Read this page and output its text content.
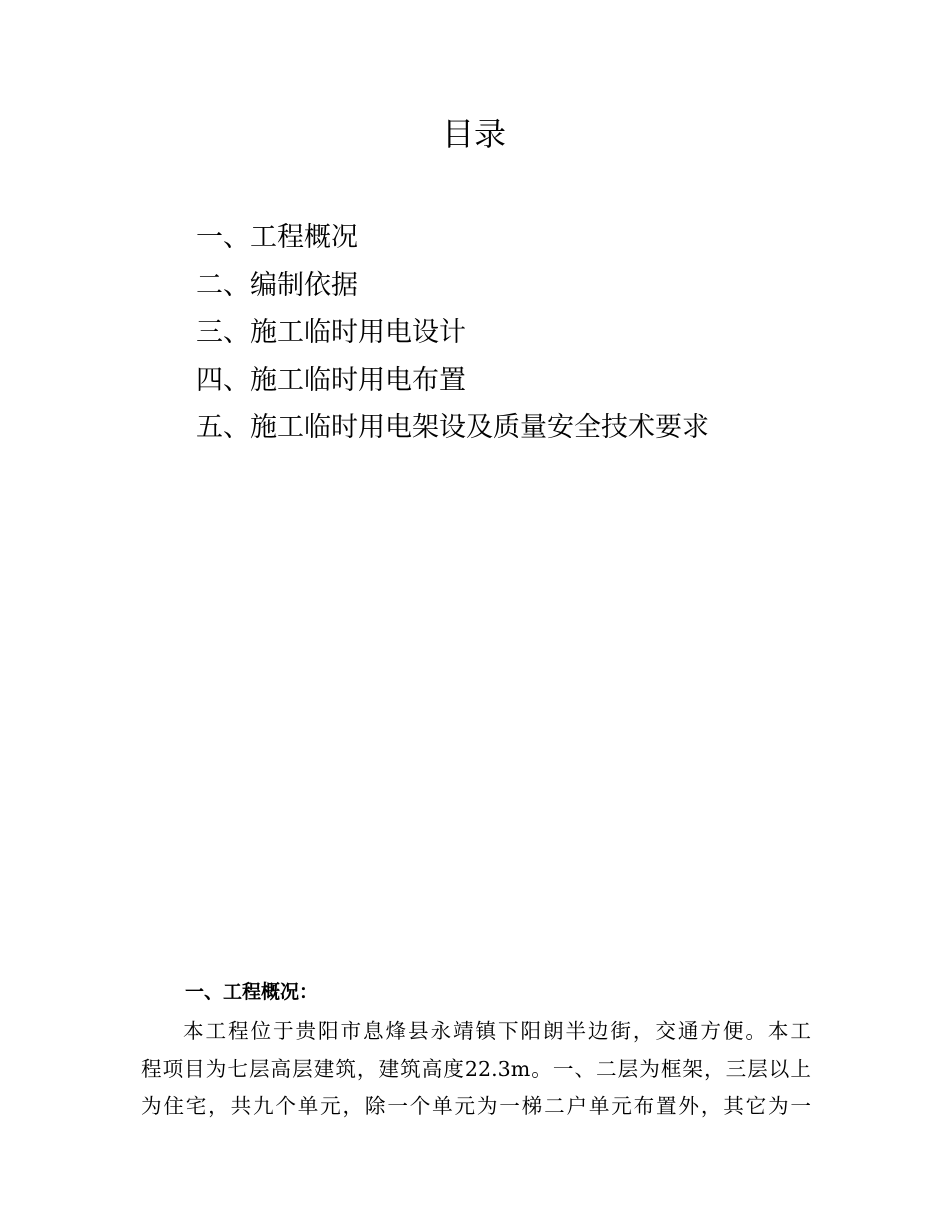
目录
一、工程概况
二、编制依据
三、施工临时用电设计
四、施工临时用电布置
五、施工临时用电架设及质量安全技术要求
一、工程概况：
本工程位于贵阳市息烽县永靖镇下阳朗半边街，交通方便。本工
程项目为七层高层建筑，建筑高度22.3m。一、二层为框架，三层以上
为住宅，共九个单元，除一个单元为一梯二户单元布置外，其它为一
